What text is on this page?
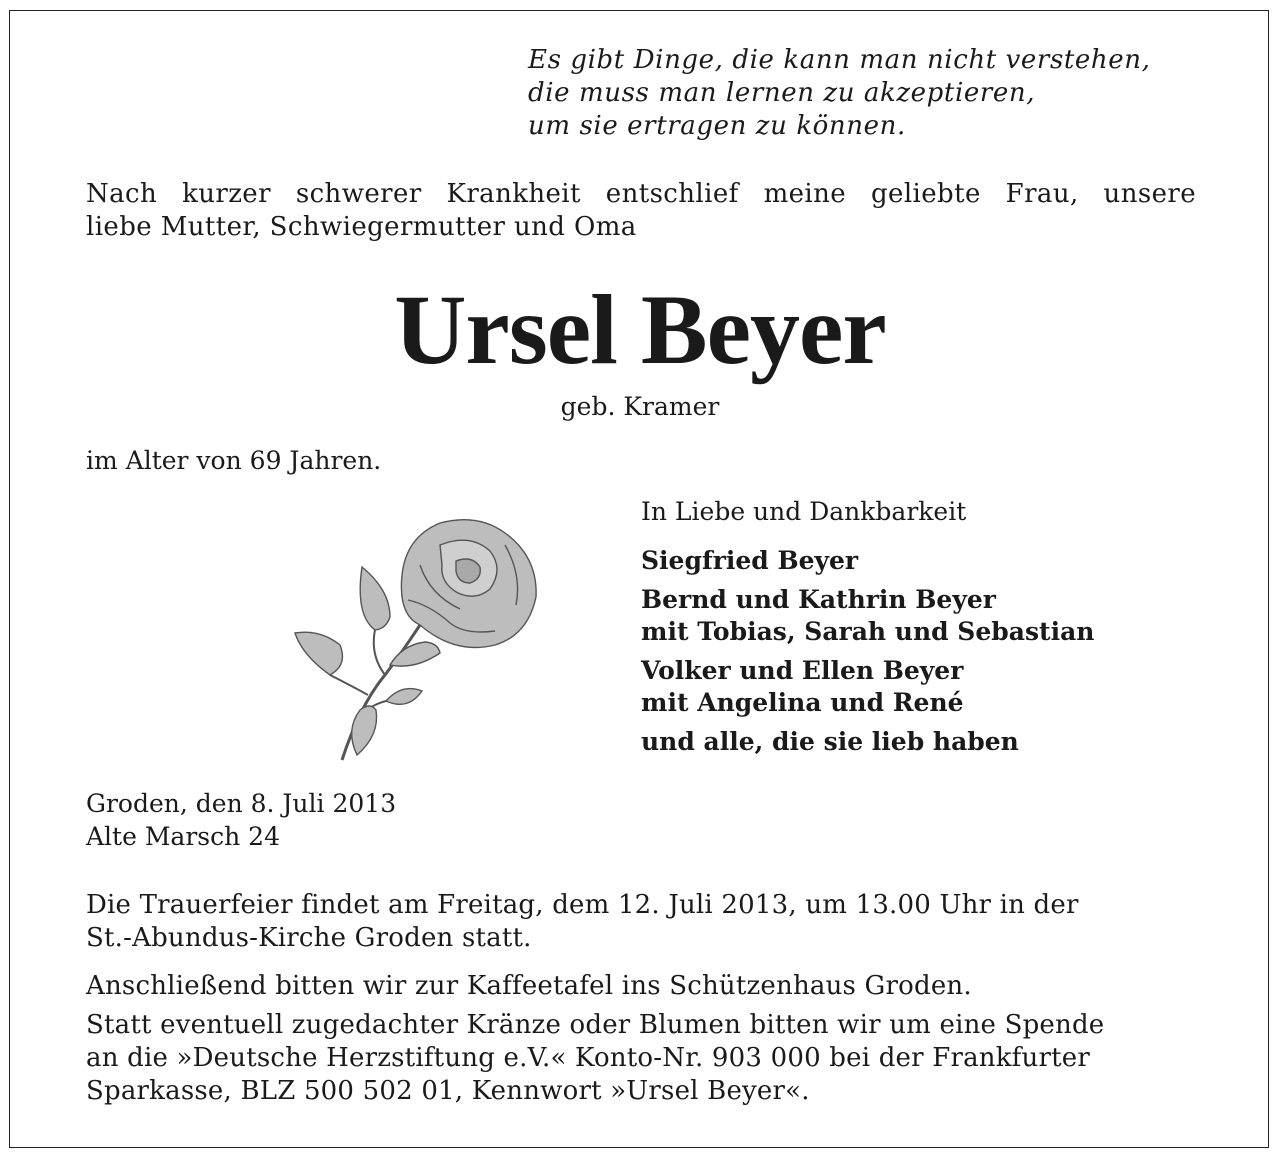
Es gibt Dinge, die kann man nicht verstehen,
die muss man lernen zu akzeptieren,
um sie ertragen zu können.
Nach kurzer schwerer Krankheit entschlief meine geliebte Frau, unsere
liebe Mutter, Schwiegermutter und Oma
Ursel Beyer
geb. Kramer
im Alter von 69 Jahren.
In Liebe und Dankbarkeit
Siegfried Beyer
Bernd und Kathrin Beyer
mit Tobias, Sarah und Sebastian
Volker und Ellen Beyer
mit Angelina und René
und alle, die sie lieb haben
Groden, den 8. Juli 2013
Alte Marsch 24
Die Trauerfeier findet am Freitag, dem 12. Juli 2013, um 13.00 Uhr in der
St.-Abundus-Kirche Groden statt.
Anschließend bitten wir zur Kaffeetafel ins Schützenhaus Groden.
Statt eventuell zugedachter Kränze oder Blumen bitten wir um eine Spende
an die »Deutsche Herzstiftung e.V.« Konto-Nr. 903 000 bei der Frankfurter
Sparkasse, BLZ 500 502 01, Kennwort »Ursel Beyer«.
